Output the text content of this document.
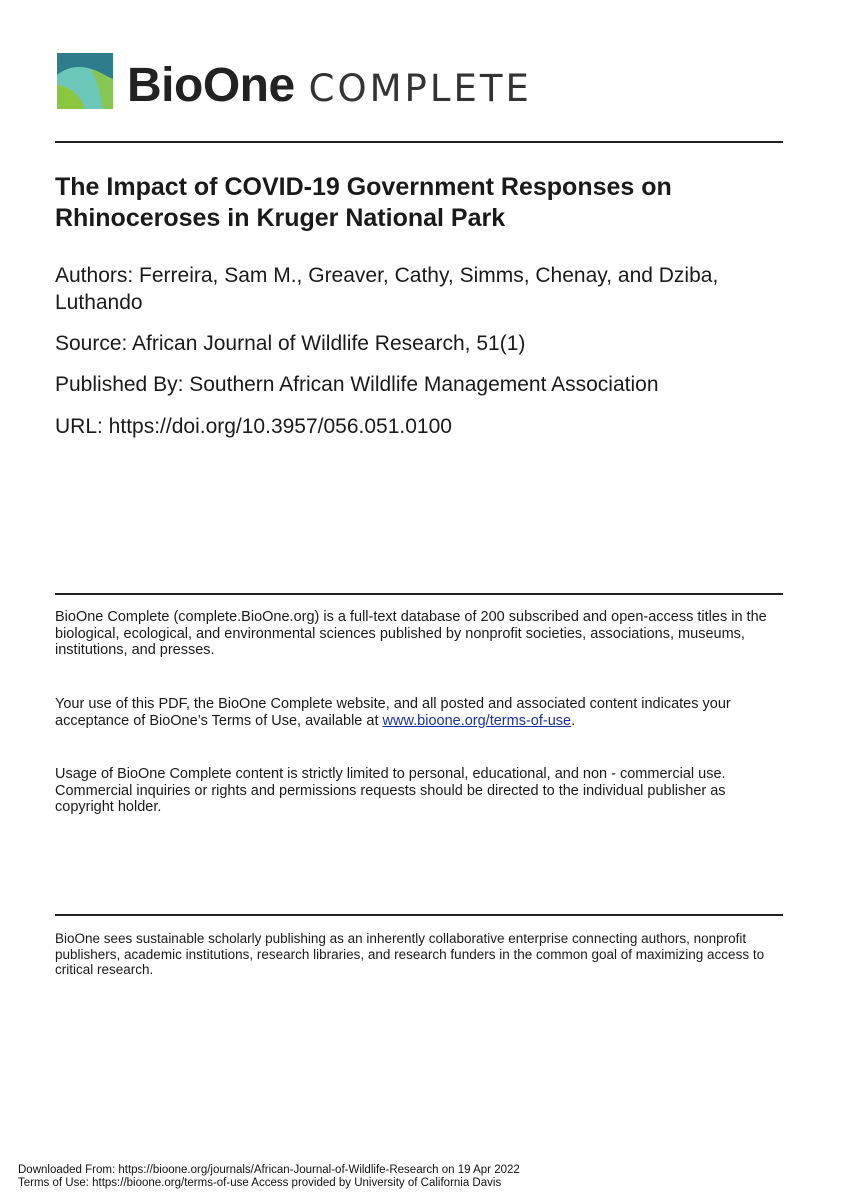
BioOne COMPLETE
The Impact of COVID-19 Government Responses on Rhinoceroses in Kruger National Park
Authors: Ferreira, Sam M., Greaver, Cathy, Simms, Chenay, and Dziba, Luthando
Source: African Journal of Wildlife Research, 51(1)
Published By: Southern African Wildlife Management Association
URL: https://doi.org/10.3957/056.051.0100
BioOne Complete (complete.BioOne.org) is a full-text database of 200 subscribed and open-access titles in the biological, ecological, and environmental sciences published by nonprofit societies, associations, museums, institutions, and presses.
Your use of this PDF, the BioOne Complete website, and all posted and associated content indicates your acceptance of BioOne’s Terms of Use, available at www.bioone.org/terms-of-use.
Usage of BioOne Complete content is strictly limited to personal, educational, and non - commercial use. Commercial inquiries or rights and permissions requests should be directed to the individual publisher as copyright holder.
BioOne sees sustainable scholarly publishing as an inherently collaborative enterprise connecting authors, nonprofit publishers, academic institutions, research libraries, and research funders in the common goal of maximizing access to critical research.
Downloaded From: https://bioone.org/journals/African-Journal-of-Wildlife-Research on 19 Apr 2022
Terms of Use: https://bioone.org/terms-of-use Access provided by University of California Davis
